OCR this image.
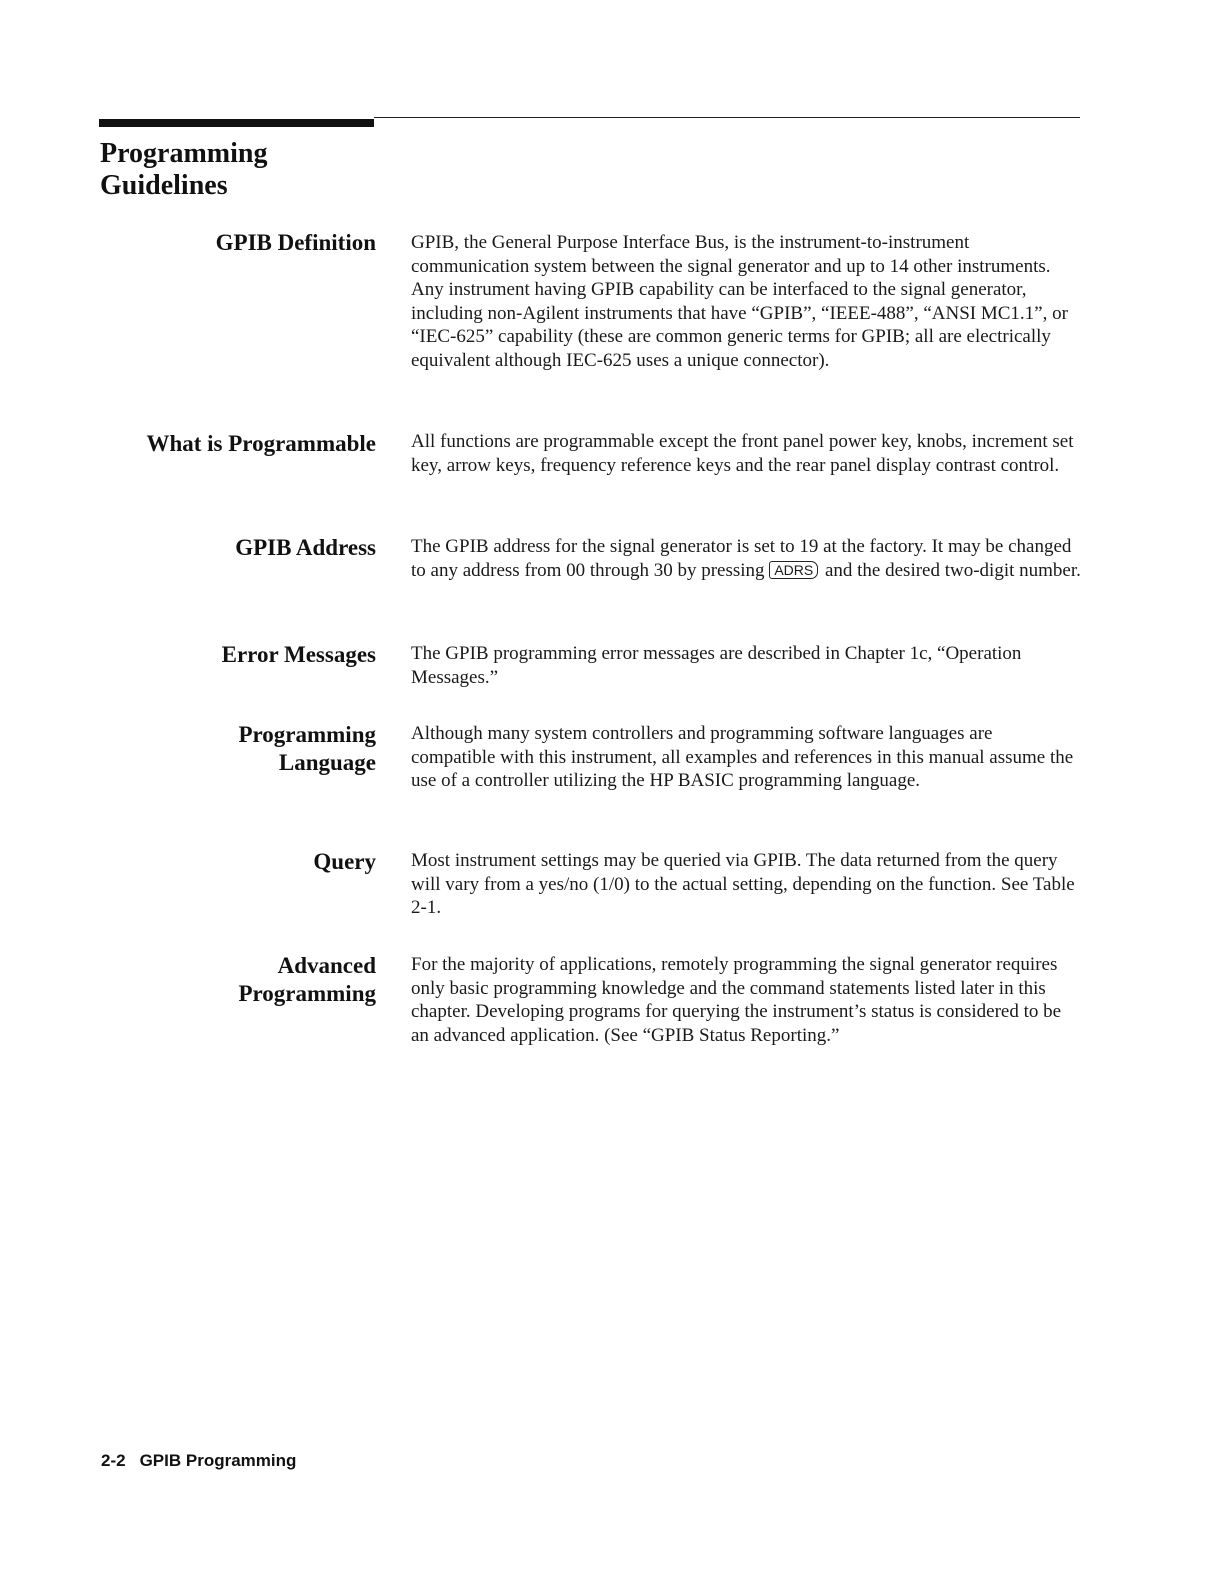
Programming
Guidelines
GPIB Definition GPIB, the General Purpose Interface Bus, is the instrument-to-instrument communication system between the signal generator and up to 14 other instruments. Any instrument having GPIB capability can be interfaced to the signal generator, including non-Agilent instruments that have “GPIB”, “IEEE-488”, “ANSI MC1.1”, or “IEC-625” capability (these are common generic terms for GPIB; all are electrically equivalent although IEC-625 uses a unique connector).

What is Programmable All functions are programmable except the front panel power key, knobs, increment set key, arrow keys, frequency reference keys and the rear panel display contrast control.

GPIB Address The GPIB address for the signal generator is set to 19 at the factory. It may be changed to any address from 00 through 30 by pressing ADRS and the desired two-digit number.

Error Messages The GPIB programming error messages are described in Chapter 1c, “Operation Messages.”

Programming
Language

Although many system controllers and programming software languages are compatible with this instrument, all examples and references in this manual assume the use of a controller utilizing the HP BASIC programming language.

Query Most instrument settings may be queried via GPIB. The data returned from the query will vary from a yes/no (1/0) to the actual setting, depending on the function. See Table 2-1.

Advanced
Programming

For the majority of applications, remotely programming the signal generator requires only basic programming knowledge and the command statements listed later in this chapter. Developing programs for querying the instrument’s status is considered to be an advanced application. (See “GPIB Status Reporting.”

2-2 GPIB Programming
